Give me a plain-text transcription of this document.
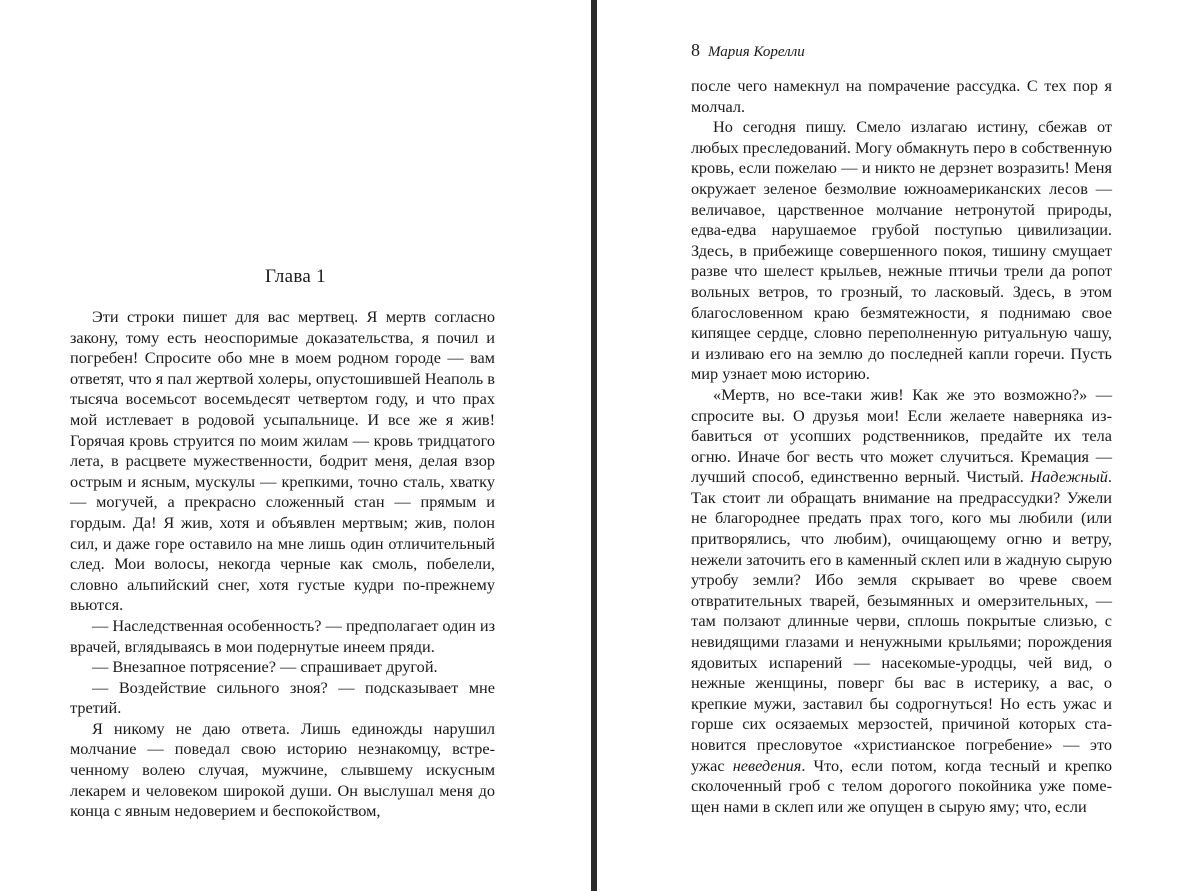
Глава 1

Эти строки пишет для вас мертвец. Я мертв согласно закону, тому есть неоспоримые доказательства, я почил и погребен! Спросите обо мне в моем родном городе — вам ответят, что я пал жертвой холеры, опустошившей Неаполь в тысяча восемьсот восемьдесят четвертом году, и что прах мой истлевает в родовой усыпальнице. И все же я жив! Горячая кровь струится по моим жилам — кровь тридцатого лета, в расцвете мужественности, бодрит меня, делая взор острым и ясным, мускулы — крепкими, точно сталь, хватку — могучей, а прекрасно сложенный стан — прямым и гордым. Да! Я жив, хотя и объявлен мертвым; жив, полон сил, и даже горе оставило на мне лишь один отличительный след. Мои волосы, некогда черные как смоль, побелели, словно альпийский снег, хотя густые кудри по-прежнему вьются.

— Наследственная особенность? — предполагает один из врачей, вглядываясь в мои подернутые инеем пряди.

— Внезапное потрясение? — спрашивает другой.

— Воздействие сильного зноя? — подсказывает мне третий.

Я никому не даю ответа. Лишь единожды нарушил молчание — поведал свою историю незнакомцу, встреченному волею случая, мужчине, слывшему искусным лекарем и человеком широкой души. Он выслушал меня до конца с явным недоверием и беспокойством,

8 Мария Корелли

после чего намекнул на помрачение рассудка. С тех пор я молчал.

Но сегодня пишу. Смело излагаю истину, сбежав от любых преследований. Могу обмакнуть перо в собственную кровь, если пожелаю — и никто не дерзнет возразить! Меня окружает зеленое безмолвие южноамериканских лесов — величавое, царственное молчание нетронутой природы, едва-едва нарушаемое грубой поступью цивилизации. Здесь, в прибежище совершенного покоя, тишину смущает разве что шелест крыльев, нежные птичьи трели да ропот вольных ветров, то грозный, то ласковый. Здесь, в этом благословенном краю безмятежности, я поднимаю свое кипящее сердце, словно переполненную ритуальную чашу, и изливаю его на землю до последней капли горечи. Пусть мир узнает мою историю.

«Мертв, но все-таки жив! Как же это возможно?» — спросите вы. О друзья мои! Если желаете наверняка избавиться от усопших родственников, предайте их тела огню. Иначе бог весть что может случиться. Кремация — лучший способ, единственно верный. Чистый. Надежный. Так стоит ли обращать внимание на предрассудки? Ужели не благороднее предать прах того, кого мы любили (или притворялись, что любим), очищающему огню и ветру, нежели заточить его в каменный склеп или в жадную сырую утробу земли? Ибо земля скрывает во чреве своем отвратительных тварей, безымянных и омерзительных, — там ползают длинные черви, сплошь покрытые слизью, с невидящими глазами и ненужными крыльями; порождения ядовитых испарений — насекомые-уродцы, чей вид, о нежные женщины, поверг бы вас в истерику, а вас, о крепкие мужи, заставил бы содрогнуться! Но есть ужас и горше сих осязаемых мерзостей, причиной которых становится пресловутое «христианское погребение» — это ужас неведения. Что, если потом, когда тесный и крепко сколоченный гроб с телом дорогого покойника уже помещен нами в склеп или же опущен в сырую яму; что, если
